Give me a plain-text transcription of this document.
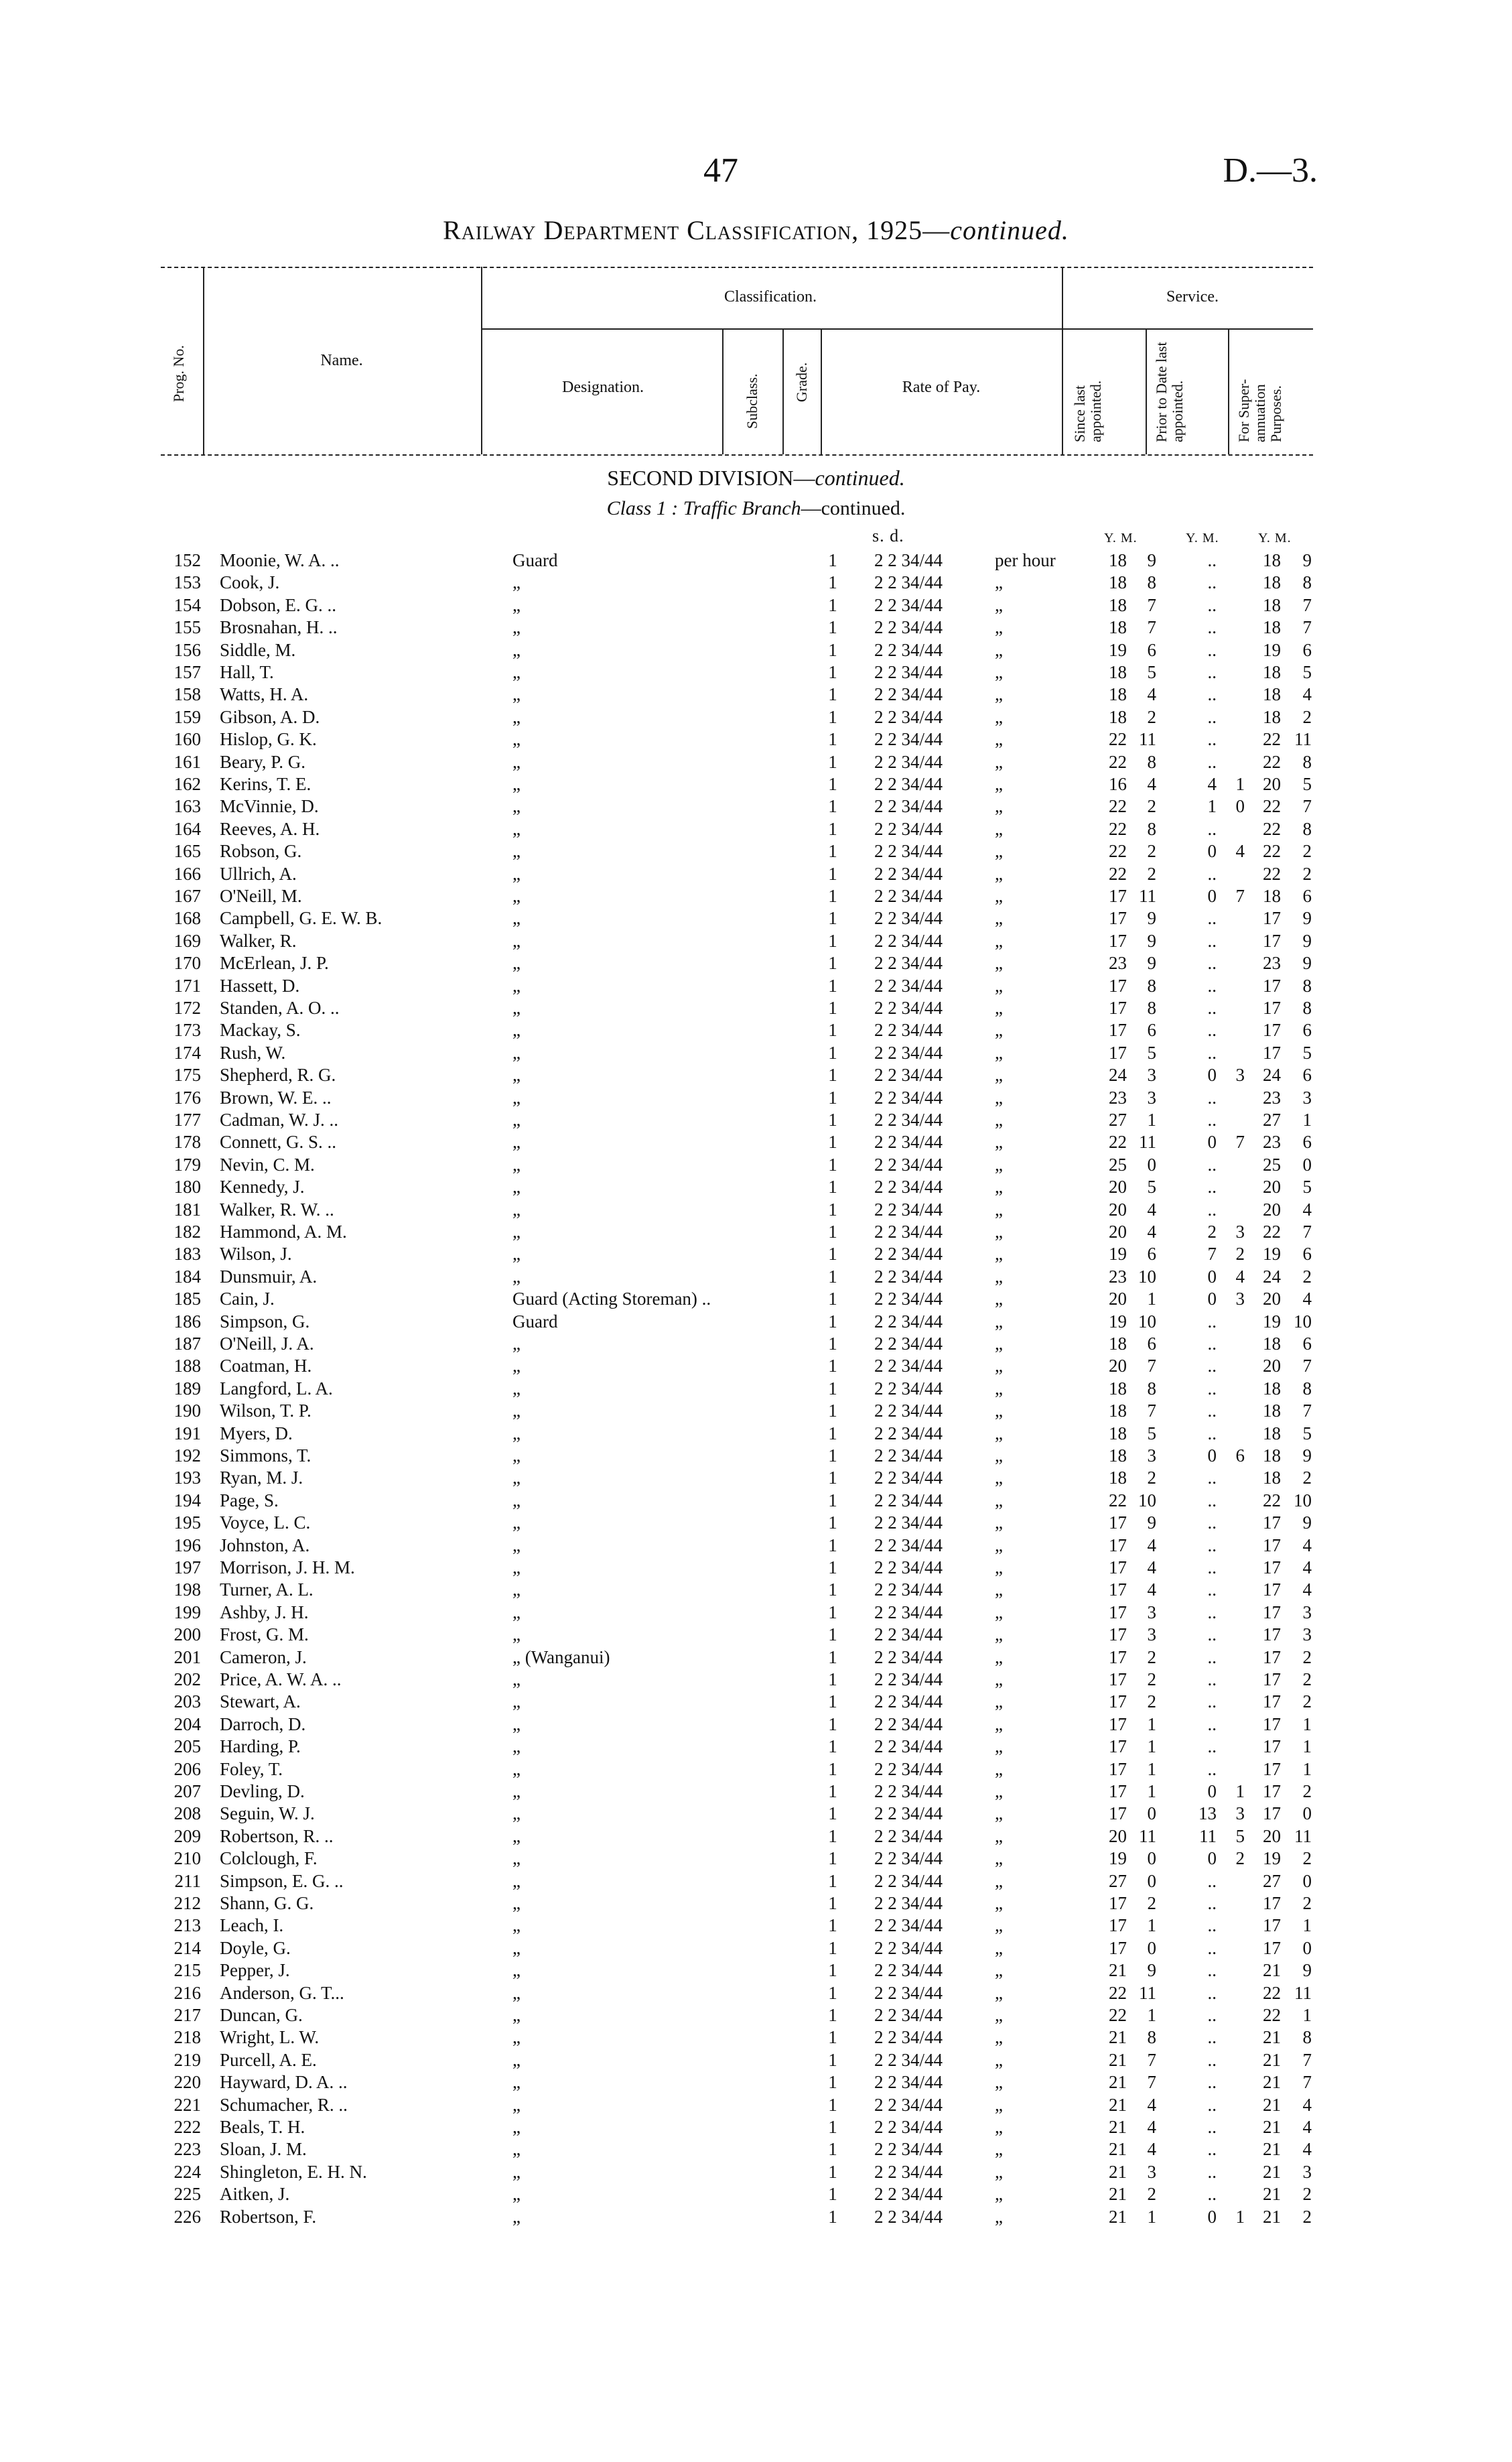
47	D.—3.
Railway Department Classification, 1925—continued.
Prog. No.	Name.
Classification.	Service.
Designation.	Subclass. Grade.	Rate of Pay.	Since last appointed.	Prior to Date last appointed.	For Super- annuation Purposes.
SECOND DIVISION—continued.
Class 1 : Traffic Branch—continued.
s. d.	Y. M.	Y. M.	Y. M.
152 Moonie, W. A. ..	Guard	1	2 2 34/44	per hour	18	9	..	18	9
153 Cook, J.	„	1	2 2 34/44	„	18	8	..	18	8
154 Dobson, E. G. ..	„	1	2 2 34/44	„	18	7	..	18	7
155 Brosnahan, H. ..	„	1	2 2 34/44	„	18	7	..	18	7
156 Siddle, M.	„	1	2 2 34/44	„	19	6	..	19	6
157 Hall, T.	„	1	2 2 34/44	„	18	5	..	18	5
158 Watts, H. A.	„	1	2 2 34/44	„	18	4	..	18	4
159 Gibson, A. D.	„	1	2 2 34/44	„	18	2	..	18	2
160 Hislop, G. K.	„	1	2 2 34/44	„	22 11	..	22 11
161 Beary, P. G.	„	1	2 2 34/44	„	22	8	..	22	8
162 Kerins, T. E.	„	1	2 2 34/44	„	16	4	4	1	20	5
163 McVinnie, D.	„	1	2 2 34/44	„	22	2	1	0	22	7
164 Reeves, A. H.	„	1	2 2 34/44	„	22	8	..	22	8
165 Robson, G.	„	1	2 2 34/44	„	22	2	0	4	22	2
166 Ullrich, A.	„	1	2 2 34/44	„	22	2	..	22	2
167 O'Neill, M.	„	1	2 2 34/44	„	17 11	0	7	18	6
168 Campbell, G. E. W. B.	„	1	2 2 34/44	„	17	9	..	17	9
169 Walker, R.	„	1	2 2 34/44	„	17	9	..	17	9
170 McErlean, J. P.	„	1	2 2 34/44	„	23	9	..	23	9
171 Hassett, D.	„	1	2 2 34/44	„	17	8	..	17	8
172 Standen, A. O. ..	„	1	2 2 34/44	„	17	8	..	17	8
173 Mackay, S.	„	1	2 2 34/44	„	17	6	..	17	6
174 Rush, W.	„	1	2 2 34/44	„	17	5	..	17	5
175 Shepherd, R. G.	„	1	2 2 34/44	„	24	3	0	3	24	6
176 Brown, W. E. ..	„	1	2 2 34/44	„	23	3	..	23	3
177 Cadman, W. J. ..	„	1	2 2 34/44	„	27	1	..	27	1
178 Connett, G. S. ..	„	1	2 2 34/44	„	22 11	0	7	23	6
179 Nevin, C. M.	„	1	2 2 34/44	„	25	0	..	25	0
180 Kennedy, J.	„	1	2 2 34/44	„	20	5	..	20	5
181 Walker, R. W. ..	„	1	2 2 34/44	„	20	4	..	20	4
182 Hammond, A. M.	„	1	2 2 34/44	„	20	4	2	3	22	7
183 Wilson, J.	„	1	2 2 34/44	„	19	6	7	2	19	6
184 Dunsmuir, A.	„	1	2 2 34/44	„	23 10	0	4	24	2
185 Cain, J.	Guard (Acting Storeman) ..	1	2 2 34/44	„	20	1	0	3	20	4
186 Simpson, G.	Guard	1	2 2 34/44	„	19 10	..	19 10
187 O'Neill, J. A.	„	1	2 2 34/44	„	18	6	..	18	6
188 Coatman, H.	„	1	2 2 34/44	„	20	7	..	20	7
189 Langford, L. A.	„	1	2 2 34/44	„	18	8	..	18	8
190 Wilson, T. P.	„	1	2 2 34/44	„	18	7	..	18	7
191 Myers, D.	„	1	2 2 34/44	„	18	5	..	18	5
192 Simmons, T.	„	1	2 2 34/44	„	18	3	0	6	18	9
193 Ryan, M. J.	„	1	2 2 34/44	„	18	2	..	18	2
194 Page, S.	„	1	2 2 34/44	„	22 10	..	22 10
195 Voyce, L. C.	„	1	2 2 34/44	„	17	9	..	17	9
196 Johnston, A.	„	1	2 2 34/44	„	17	4	..	17	4
197 Morrison, J. H. M.	„	1	2 2 34/44	„	17	4	..	17	4
198 Turner, A. L.	„	1	2 2 34/44	„	17	4	..	17	4
199 Ashby, J. H.	„	1	2 2 34/44	„	17	3	..	17	3
200 Frost, G. M.	„	1	2 2 34/44	„	17	3	..	17	3
201 Cameron, J.	„ (Wanganui)	1	2 2 34/44	„	17	2	..	17	2
202 Price, A. W. A. ..	„	1	2 2 34/44	„	17	2	..	17	2
203 Stewart, A.	„	1	2 2 34/44	„	17	2	..	17	2
204 Darroch, D.	„	1	2 2 34/44	„	17	1	..	17	1
205 Harding, P.	„	1	2 2 34/44	„	17	1	..	17	1
206 Foley, T.	„	1	2 2 34/44	„	17	1	..	17	1
207 Devling, D.	„	1	2 2 34/44	„	17	1	0	1	17	2
208 Seguin, W. J.	„	1	2 2 34/44	„	17	0	13	3	17	0
209 Robertson, R. ..	„	1	2 2 34/44	„	20 11	11	5	20 11
210 Colclough, F.	„	1	2 2 34/44	„	19	0	0	2	19	2
211 Simpson, E. G. ..	„	1	2 2 34/44	„	27	0	..	27	0
212 Shann, G. G.	„	1	2 2 34/44	„	17	2	..	17	2
213 Leach, I.	„	1	2 2 34/44	„	17	1	..	17	1
214 Doyle, G.	„	1	2 2 34/44	„	17	0	..	17	0
215 Pepper, J.	„	1	2 2 34/44	„	21	9	..	21	9
216 Anderson, G. T...	„	1	2 2 34/44	„	22 11	..	22 11
217 Duncan, G.	„	1	2 2 34/44	„	22	1	..	22	1
218 Wright, L. W.	„	1	2 2 34/44	„	21	8	..	21	8
219 Purcell, A. E.	„	1	2 2 34/44	„	21	7	..	21	7
220 Hayward, D. A. ..	„	1	2 2 34/44	„	21	7	..	21	7
221 Schumacher, R. ..	„	1	2 2 34/44	„	21	4	..	21	4
222 Beals, T. H.	„	1	2 2 34/44	„	21	4	..	21	4
223 Sloan, J. M.	„	1	2 2 34/44	„	21	4	..	21	4
224 Shingleton, E. H. N.	„	1	2 2 34/44	„	21	3	..	21	3
225 Aitken, J.	„	1	2 2 34/44	„	21	2	..	21	2
226 Robertson, F.	„	1	2 2 34/44	„	21	1	0	1	21	2
